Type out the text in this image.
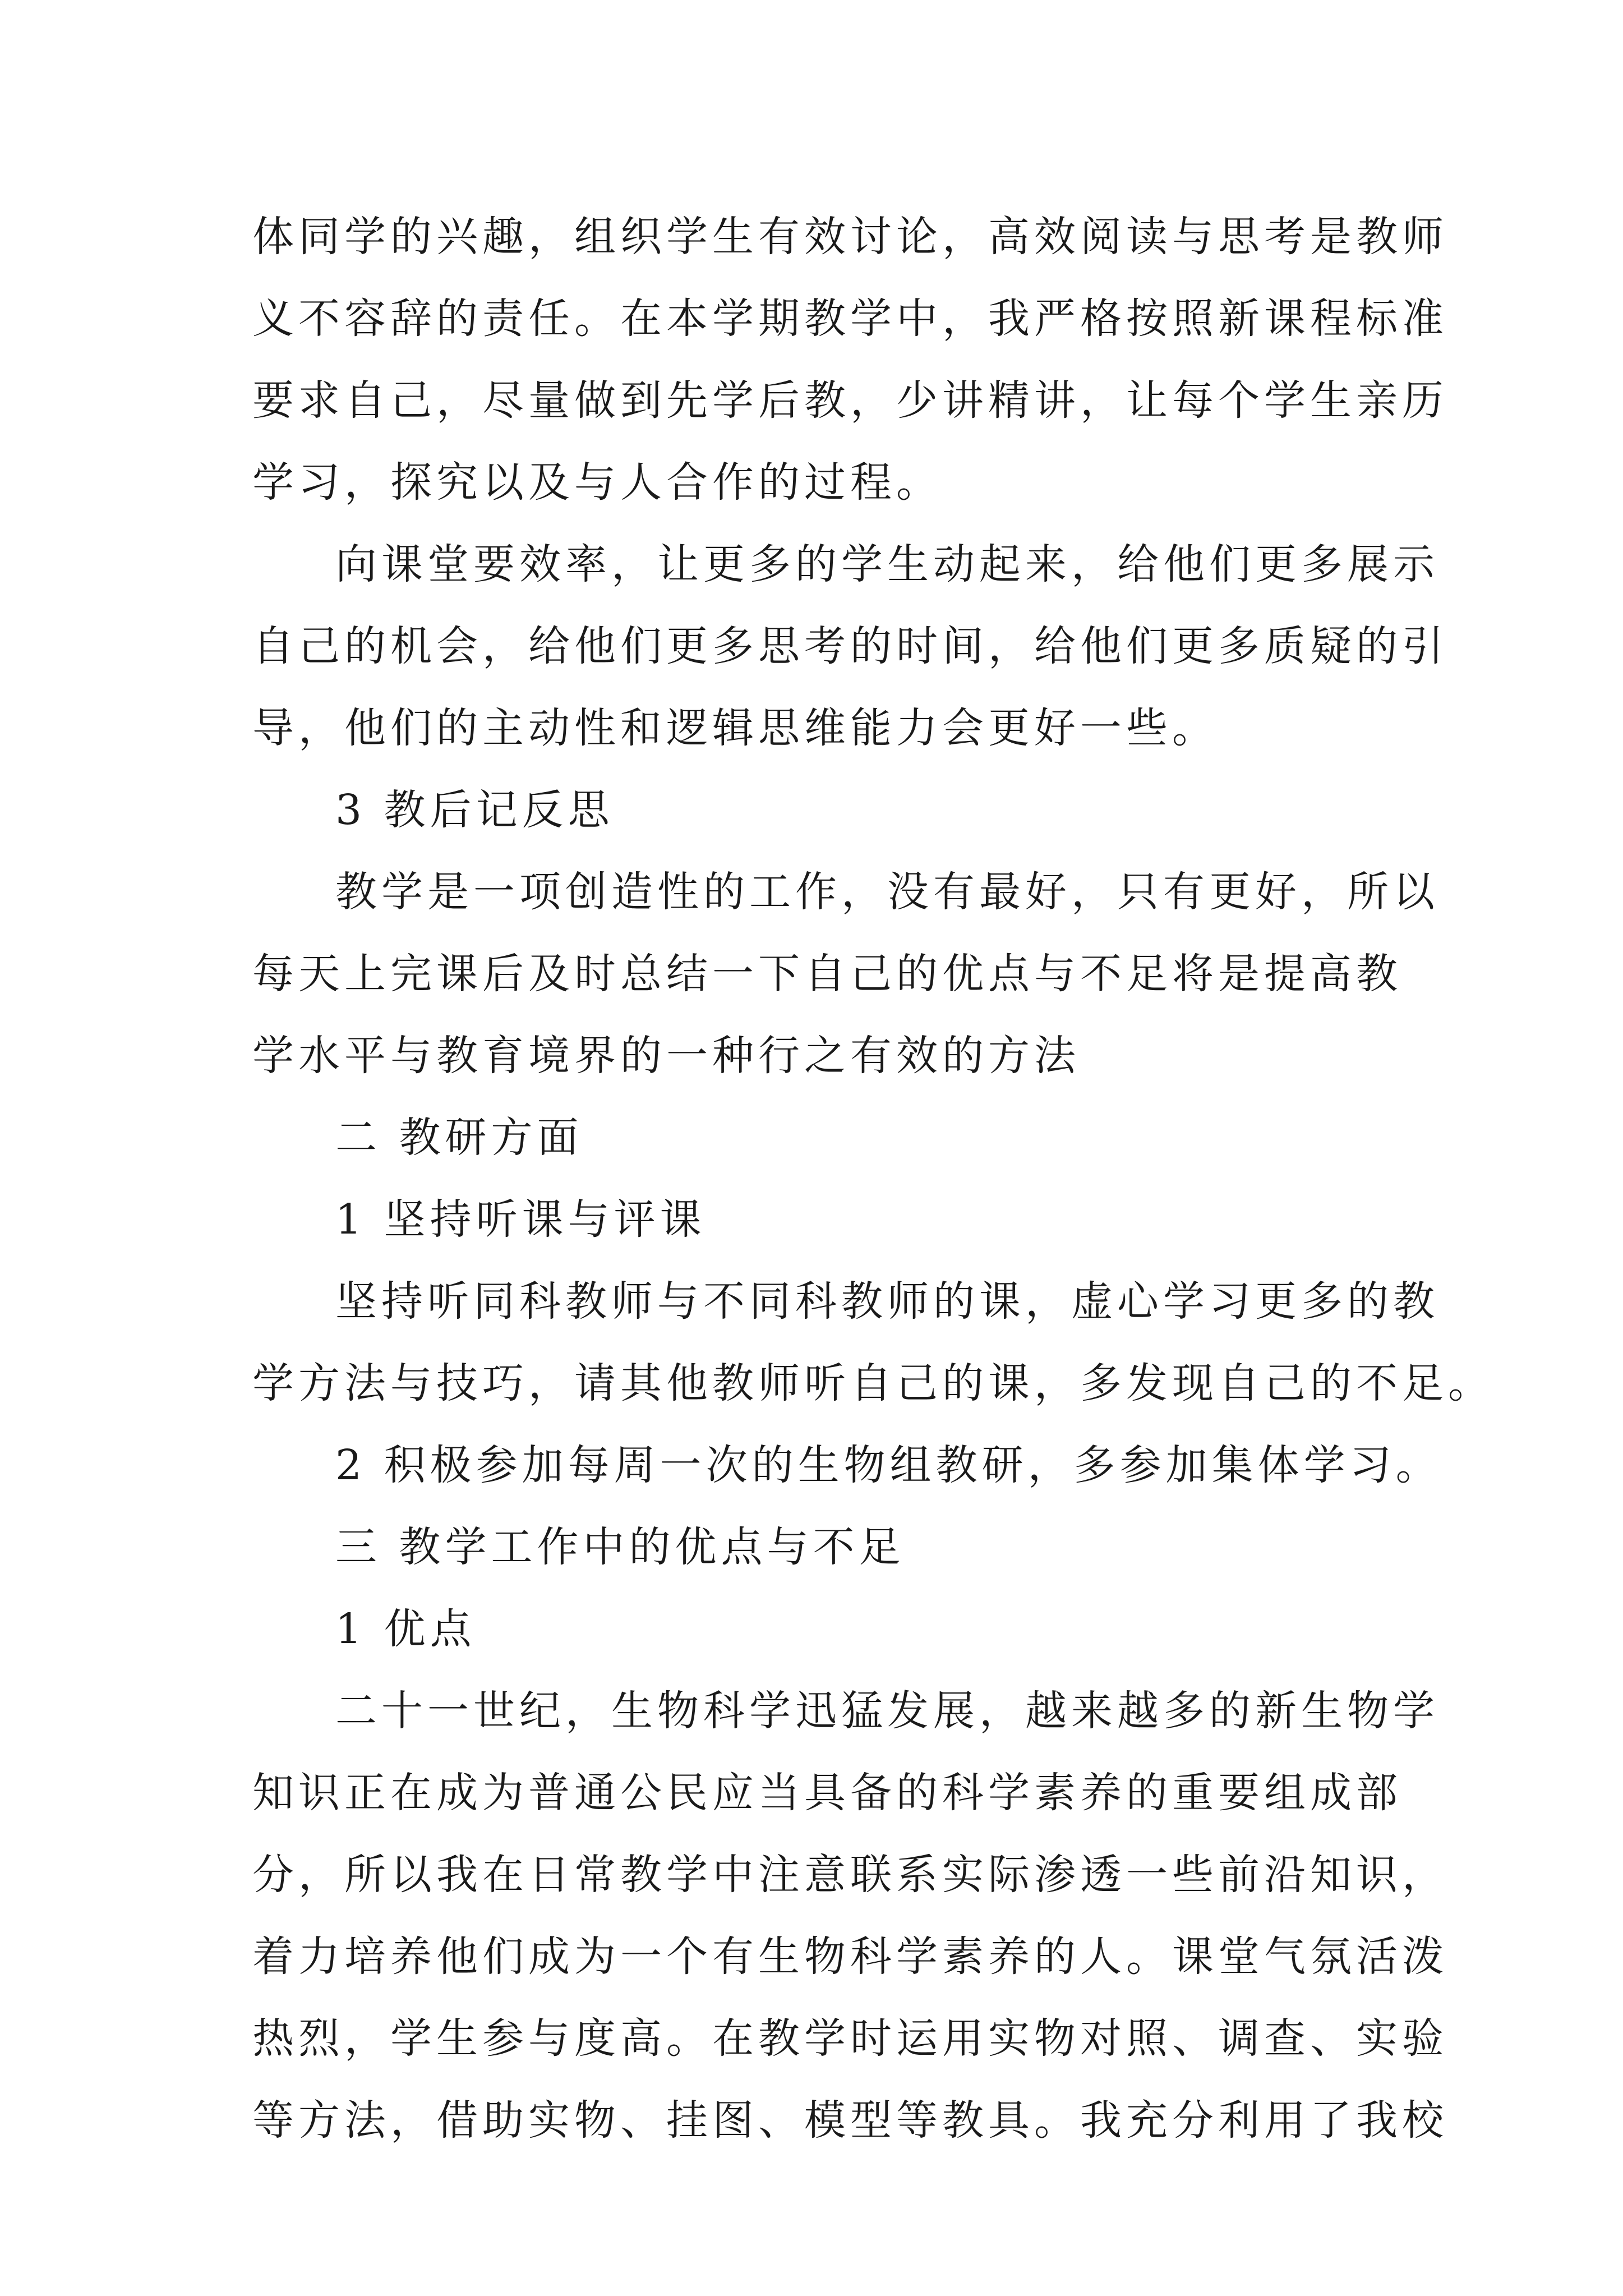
体同学的兴趣，组织学生有效讨论，高效阅读与思考是教师

义不容辞的责任。在本学期教学中，我严格按照新课程标准

要求自己，尽量做到先学后教，少讲精讲，让每个学生亲历

学习，探究以及与人合作的过程。

向课堂要效率，让更多的学生动起来，给他们更多展示

自己的机会，给他们更多思考的时间，给他们更多质疑的引

导，他们的主动性和逻辑思维能力会更好一些。

3 教后记反思

教学是一项创造性的工作，没有最好，只有更好，所以

每天上完课后及时总结一下自己的优点与不足将是提高教

学水平与教育境界的一种行之有效的方法

二 教研方面

1 坚持听课与评课

坚持听同科教师与不同科教师的课，虚心学习更多的教

学方法与技巧，请其他教师听自己的课，多发现自己的不足。

2 积极参加每周一次的生物组教研，多参加集体学习。

三 教学工作中的优点与不足

1 优点

二十一世纪，生物科学迅猛发展，越来越多的新生物学

知识正在成为普通公民应当具备的科学素养的重要组成部

分，所以我在日常教学中注意联系实际渗透一些前沿知识，

着力培养他们成为一个有生物科学素养的人。课堂气氛活泼

热烈，学生参与度高。在教学时运用实物对照、调查、实验

等方法，借助实物、挂图、模型等教具。我充分利用了我校
